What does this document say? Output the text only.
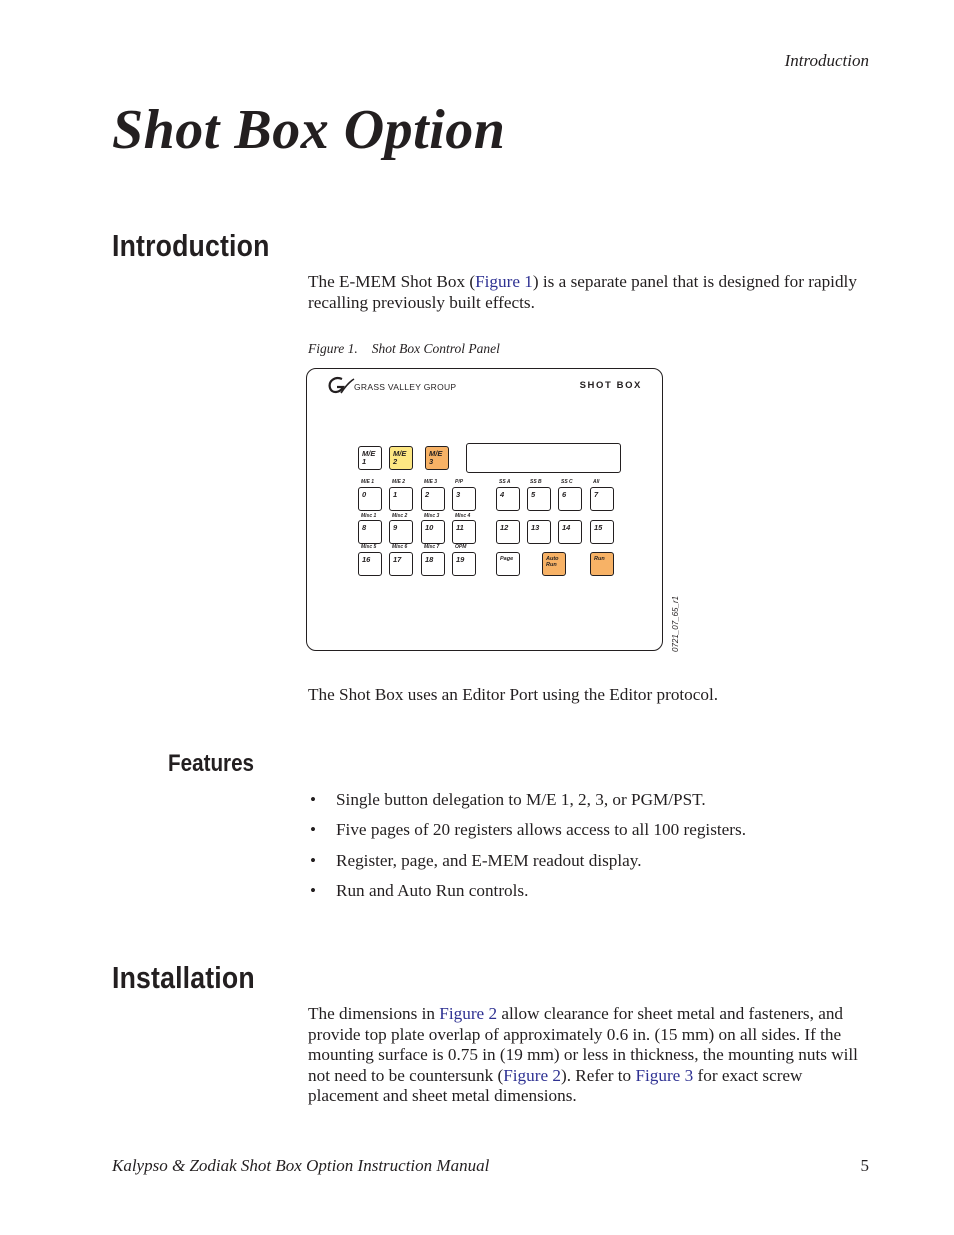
Introduction
Shot Box Option
Introduction

The E-MEM Shot Box (Figure 1) is a separate panel that is designed for rapidly recalling previously built effects.

Figure 1. Shot Box Control Panel
GRASS VALLEY GROUP	SHOT BOX
M/E
1
M/E
2
M/E
3
M/E 1	M/E 2	M/E 3	P/P	SS A	SS B	SS C	All
Misc 1	Misc 2	Misc 3	Misc 4
Misc 5	Misc 6	Misc 7	OPM
0	1	2	3	4	5	6	7
8	9	10	11	12	13	14	15
16	17	18	19	Page	Auto
Run
Run
0721_07_65_r1

The Shot Box uses an Editor Port using the Editor protocol.

Features
• Single button delegation to M/E 1, 2, 3, or PGM/PST.
• Five pages of 20 registers allows access to all 100 registers.
• Register, page, and E-MEM readout display.
• Run and Auto Run controls.
Installation

The dimensions in Figure 2 allow clearance for sheet metal and fasteners, and provide top plate overlap of approximately 0.6 in. (15 mm) on all sides. If the mounting surface is 0.75 in (19 mm) or less in thickness, the mounting nuts will not need to be countersunk (Figure 2). Refer to Figure 3 for exact screw placement and sheet metal dimensions.

Kalypso & Zodiak Shot Box Option Instruction Manual	5
